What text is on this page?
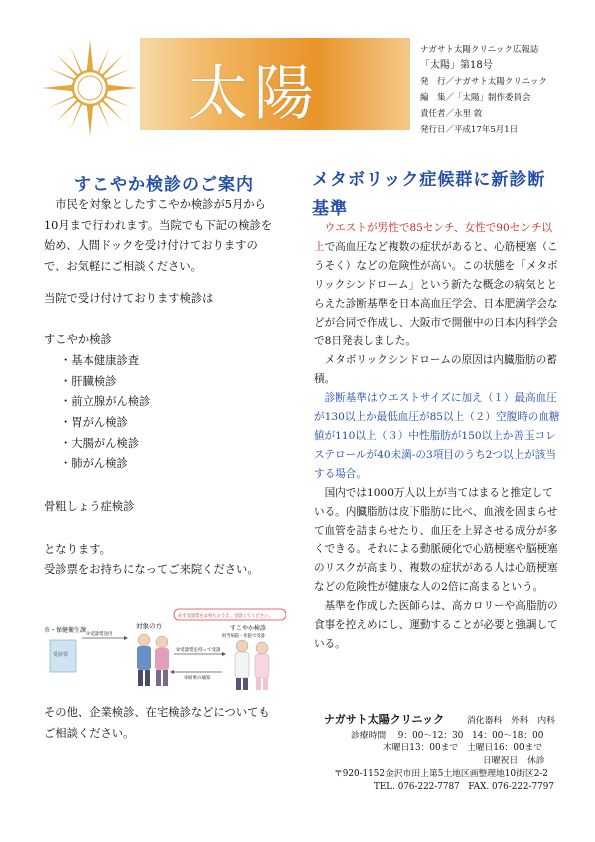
太陽
ナガサト太陽クリニック広報誌
「太陽」第18号
発　行／ナガサト太陽クリニック
編　集／「太陽」制作委員会
責任者／永里 敦
発行日／平成17年5月1日
すこやか検診のご案内

市民を対象としたすこやか検診が5月から

10月まで行われます。当院でも下記の検診を

始め、人間ドックを受け付けておりますの

で、お気軽にご相談ください。

当院で受け付けております検診は
すこやか検診
・基本健康診査
・肝臓検診
・前立腺がん検診
・胃がん検診
・大腸がん検診
・肺がん検診
骨粗しょう症検診
となります。
受診票をお持ちになってご来院ください。
必ず受診票をお持ちのうえ、受診してください。
市・保健衛生課
受診票
対象の方
①受診票送付
②受診票を持って受診
③結果の通知
すこやか検診
担当病院・医院で受診
その他、企業検診、在宅検診などについても
ご相談ください。
メタボリック症候群に新診断基準

ウエストが男性で85センチ、女性で90センチ以上で高血圧など複数の症状があると、心筋梗塞（こうそく）などの危険性が高い。この状態を「メタボリックシンドローム」という新たな概念の病気ととらえた診断基準を日本高血圧学会、日本肥満学会などが合同で作成し、大阪市で開催中の日本内科学会で8日発表しました。

メタボリックシンドロームの原因は内臓脂肪の蓄積。

診断基準はウエストサイズに加え（１）最高血圧が130以上か最低血圧が85以上（２）空腹時の血糖値が110以上（３）中性脂肪が150以上か善玉コレステロールが40未満-の3項目のうち2つ以上が該当する場合。

国内では1000万人以上が当てはまると推定している。内臓脂肪は皮下脂肪に比べ、血液を固まらせて血管を詰まらせたり、血圧を上昇させる成分が多くできる。それによる動脈硬化で心筋梗塞や脳梗塞のリスクが高まり、複数の症状がある人は心筋梗塞などの危険性が健康な人の2倍に高まるという。

基準を作成した医師らは、高カロリーや高脂肪の食事を控えめにし、運動することが必要と強調している。

ナガサト太陽クリニック	消化器科　外科　内科
診療時間　 9：00～12：30　14：00～18：00
木曜日13：00まで　土曜日16：00まで
日曜祝日　休診
〒920-1152金沢市田上第5土地区画整理地10街区2-2
TEL. 076-222-7787　FAX. 076-222-7797
